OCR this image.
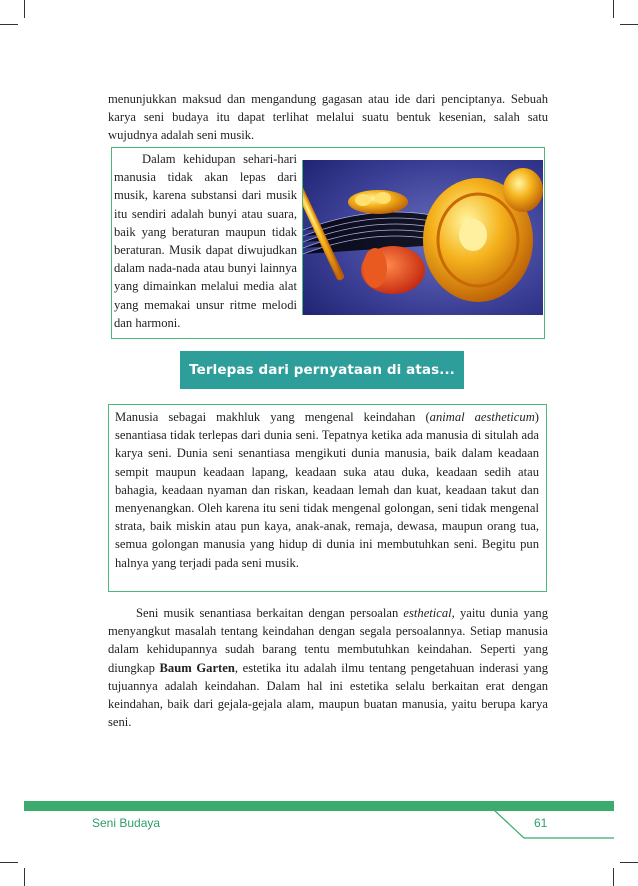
menunjukkan maksud dan mengandung gagasan atau ide dari penciptanya. Sebuah karya seni budaya itu dapat terlihat melalui suatu bentuk kesenian, salah satu wujudnya adalah seni musik.

Dalam kehidupan sehari-hari manusia tidak akan lepas dari musik, karena substansi dari musik itu sendiri adalah bunyi atau suara, baik yang beraturan maupun tidak beraturan. Musik dapat diwujudkan dalam nada-nada atau bunyi lainnya yang dimainkan melalui media alat yang memakai unsur ritme melodi dan harmoni.

Terlepas dari pernyataan di atas...

Manusia sebagai makhluk yang mengenal keindahan (animal aestheticum) senantiasa tidak terlepas dari dunia seni. Tepatnya ketika ada manusia di situlah ada karya seni. Dunia seni senantiasa mengikuti dunia manusia, baik dalam keadaan sempit maupun keadaan lapang, keadaan suka atau duka, keadaan sedih atau bahagia, keadaan nyaman dan riskan, keadaan lemah dan kuat, keadaan takut dan menyenangkan. Oleh karena itu seni tidak mengenal golongan, seni tidak mengenal strata, baik miskin atau pun kaya, anak-anak, remaja, dewasa, maupun orang tua, semua golongan manusia yang hidup di dunia ini membutuhkan seni. Begitu pun halnya yang terjadi pada seni musik.

Seni musik senantiasa berkaitan dengan persoalan esthetical, yaitu dunia yang menyangkut masalah tentang keindahan dengan segala persoalannya. Setiap manusia dalam kehidupannya sudah barang tentu membutuhkan keindahan. Seperti yang diungkap Baum Garten, estetika itu adalah ilmu tentang pengetahuan inderasi yang tujuannya adalah keindahan. Dalam hal ini estetika selalu berkaitan erat dengan keindahan, baik dari gejala-gejala alam, maupun buatan manusia, yaitu berupa karya seni.

Seni Budaya	61
